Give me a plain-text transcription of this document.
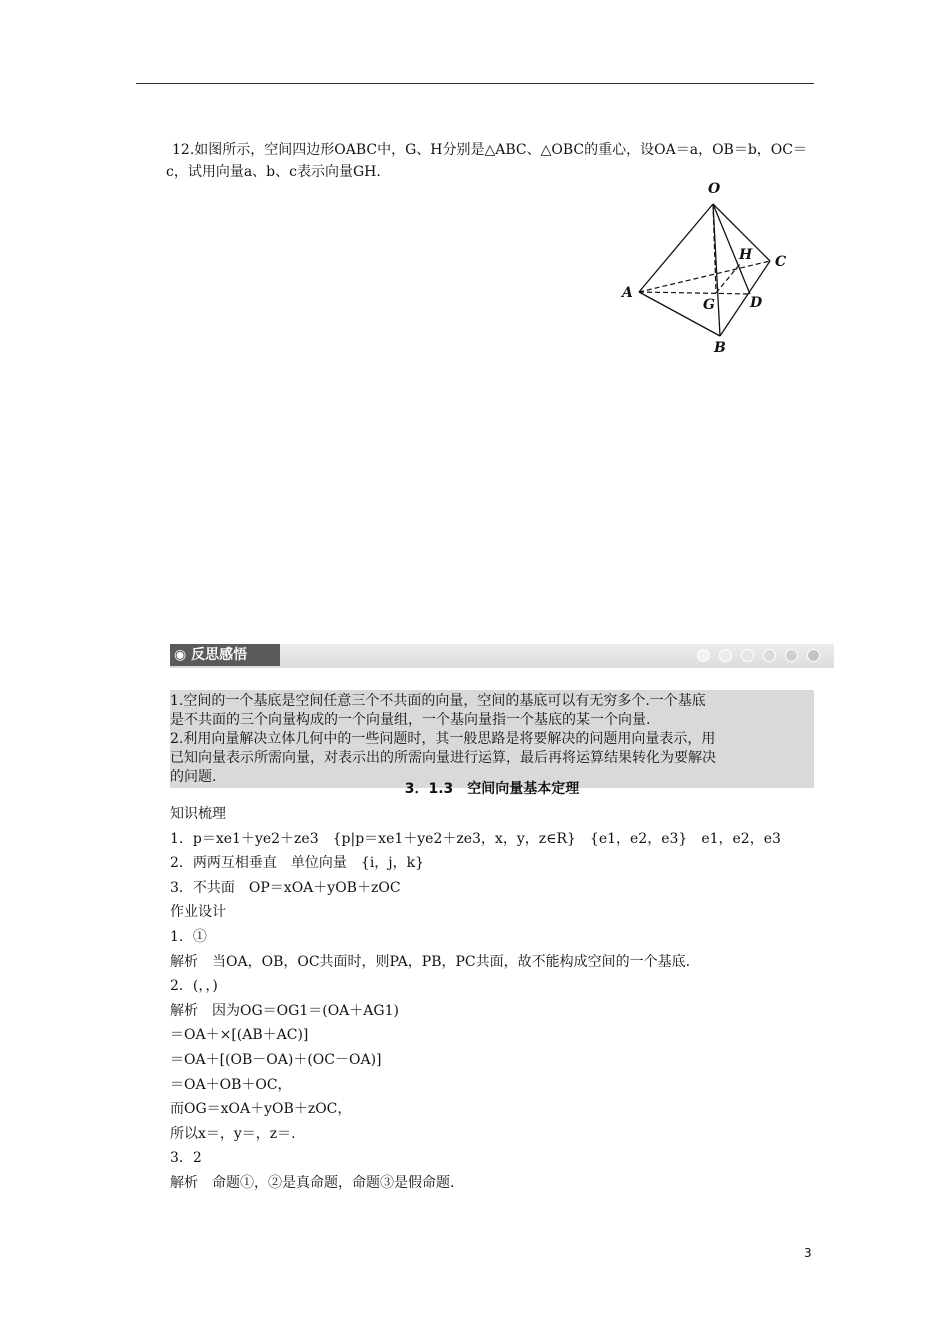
12.如图所示，空间四边形OABC中，G、H分别是△ABC、△OBC的重心，设OA＝a，OB＝b，OC＝
c，试用向量a、b、c表示向量GH.
O
A
B
C
G
H
D
◉ 反思感悟

1.空间的一个基底是空间任意三个不共面的向量，空间的基底可以有无穷多个.一个基底

是不共面的三个向量构成的一个向量组，一个基向量指一个基底的某一个向量.

2.利用向量解决立体几何中的一些问题时，其一般思路是将要解决的问题用向量表示，用

已知向量表示所需向量，对表示出的所需向量进行运算，最后再将运算结果转化为要解决

的问题.

3．1.3　空间向量基本定理
知识梳理
1．p＝xe1＋ye2＋ze3　{p|p＝xe1＋ye2＋ze3，x，y，z∈R}　{e1，e2，e3}　e1，e2，e3
2．两两互相垂直　单位向量　{i，j，k}
3．不共面　OP＝xOA＋yOB＋zOC
作业设计
1．①
解析　当OA，OB，OC共面时，则PA，PB，PC共面，故不能构成空间的一个基底.
2．(，，)
解析　因为OG＝OG1＝(OA＋AG1)
＝OA＋×[(AB＋AC)]
＝OA＋[(OB－OA)＋(OC－OA)]
＝OA＋OB＋OC，
而OG＝xOA＋yOB＋zOC，
所以x＝，y＝，z＝.
3．2
解析　命题①，②是真命题，命题③是假命题.
3
